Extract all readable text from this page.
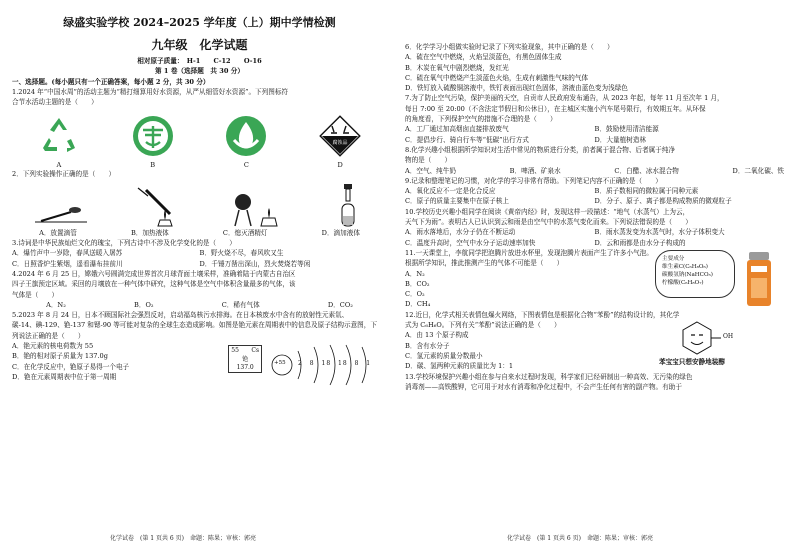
绿盛实验学校 2024–2025 学年度（上）期中学情检测
九年级　化学试题

相对原子质量：　H-1　　C-12　　O-16

第 1 卷（选择题　共 30 分）

一、选择题。(每小题只有一个正确答案，每小题 2 分，共 30 分）

1.2024 年“中国水周”的活动主题为“精打细算用好水资源，从严从细管好水资源”。下列图标符

合节水活动主题的是（　　）

腐蚀品
A	B	C	D

2．下列实验操作正确的是（　　）

A．放置滴管	B．加热液体	C．熄灭酒精灯	D．滴加液体

3.诗词是中华民族灿烂文化的瑰宝，下列古诗中不涉及化学变化的是（　　）

A．爆竹声中一岁除，春风送暖入屠苏	B．野火烧不尽，春风吹又生
C．日照香炉生紫烟，遥看瀑布挂前川	D．千锤万凿出深山，烈火焚烧若等闲

4.2024 年 6 月 25 日，嫦娥六号圆满完成世界首次月球背面土壤采样，准确着陆于内蒙古自治区

四子王旗预定区域。采回的月壤放在一种气体中研究，这种气体是空气中体积含量最多的气体，该

气体是（　　）

A．N₂	B．O₂	C．稀有气体	D．CO₂

5.2023 年 8 月 24 日，日本不顾国际社会强烈反对，启动福岛核污水排海。在日本核废水中含有的放射性元素氚、

碳-14、碘-129、铯-137 和锶-90 等可能对复杂的全球生态造成影响。如图是铯元素在周期表中的信息及原子结构示意图，下

列说法正确的是（　　）

A．铯元素的核电荷数为 55

B．铯的相对原子质量为 137.0g

C．在化学反应中，铯原子易得一个电子

D．铯在元素周期表中位于第一周期

55 Cs
铯
137.0
+55 2 8 18 18 8 1
化学试卷　(第 1 页共 6 页)　命题：陈果；审核：郭亮

6．化学学习小组做实验时记录了下列实验现象，其中正确的是（　　）

A．硫在空气中燃烧，火焰呈淡蓝色，有黑色固体生成

B．木炭在氧气中剧烈燃烧，发红光

C．硫在氧气中燃烧产生淡蓝色火焰，生成有刺激性气味的气体

D．铁钉放入硫酸铜溶液中，铁钉表面出现红色固体，溶液由蓝色变为浅绿色

7.为了防止空气污染，保护美丽的天空，自贡市人民政府发布通告，从 2023 年起，每年 11 月至次年 1 月，

每日 7:00 至 20:00（不含法定节假日和公休日），在主城区实施小汽车尾号限行，有效期五年。从环保

的角度看，下列保护空气的措施不合理的是（　　）

A．工厂通过加高烟囱直接排放废气	B．鼓励使用清洁能源
C．提倡步行、骑自行车等“低碳”出行方式	D．大量植树造林

8.化学兴趣小组根据所学知识对生活中常见的物质进行分类，前者属于混合物、后者属于纯净

物的是（　　）

A．空气、纯牛奶	B．啤酒、矿泉水	C．白醋、冰水混合物	D．二氧化碳、铁

9.记录和整理笔记的习惯，对化学的学习非常有帮助。下列笔记内容不正确的是（　　）

A．氧化反应不一定是化合反应	B．质子数相同的微粒属于同种元素
C．原子的质量主要集中在原子核上	D．分子、原子、离子都是构成物质的微观粒子

10.学校历史兴趣小组同学在阅读《黄帝内经》时，发现这样一段描述：“地气（水蒸气）上为云，

天气下为雨”。表明古人已认识到云和雨是由空气中的水蒸气变化而来。下列说法错误的是（　　）

A．雨水落地后，水分子仍在不断运动	B．雨水蒸发变为水蒸气时，水分子体积变大
C．温度升高时，空气中水分子运动速率加快	D．云和雨都是由水分子构成的

11.一天课堂上，李航同学把泡腾片放进水杯里，发现泡腾片表面产生了许多小气泡。

根据所学知识，推此推测产生的气体不可能是（　　）

A．N₂

B．CO₂

C．O₂

D．CH₄

主要成分
维生素C(C₆H₈O₆)
碳酸氢钠(NaHCO₃)
柠檬酸(C₆H₈O₇)

12.近日，化学式相关表情包爆火网络，下图表情包是根据化合物“苯酚”的结构设计的，其化学

式为 C₆H₆O。下列有关“苯酚”说法正确的是（　　）

A．由 13 个原子构成

B．含有水分子

C．氢元素的质量分数最小

D．碳、氢两种元素的质量比为 1：1

OH
苯宝宝只想安静地装醇

13.学校环境保护兴趣小组在参与自来水过程时发现，科学家们已经研制出一种高效、无污染的绿色

消毒剂——高铁酸钾，它可用于对水有消毒和净化过程中，不会产生任何有害的副产物。有助于

化学试卷　(第 1 页共 6 页)　命题：陈果；审核：郭亮
